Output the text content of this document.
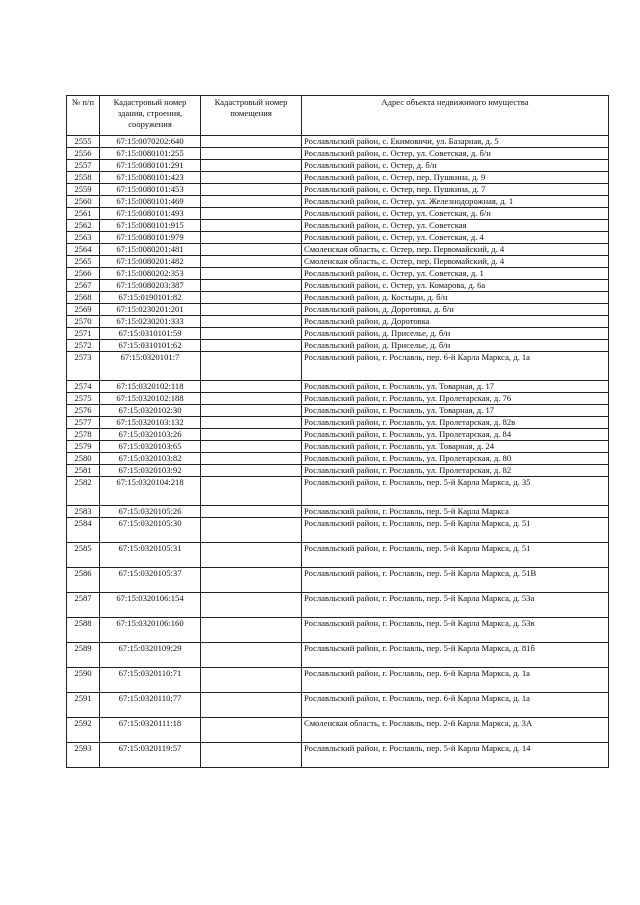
№ п/п	Кадастровый номер здания, строения, сооружения	Кадастровый номер помещения	Адрес объекта недвижимого имущества
2555	67:15:0070202:640		Рославльский район, с. Екимовичи, ул. Базарная, д. 5
2556	67:15:0080101:255		Рославльский район, с. Остер, ул. Советская, д. б/н
2557	67:15:0080101:291		Рославльский район, с. Остер, д. б/н
2558	67:15:0080101:423		Рославльский район, с. Остер, пер. Пушкина, д. 9
2559	67:15:0080101:453		Рославльский район, с. Остер, пер. Пушкина, д. 7
2560	67:15:0080101:469		Рославльский район, с. Остер, ул. Железнодорожная, д. 1
2561	67:15:0080101:493		Рославльский район, с. Остер, ул. Советская, д. б/н
2562	67:15:0080101:915		Рославльский район, с. Остер, ул. Советская
2563	67:15:0080101:979		Рославльский район, с. Остер, ул. Советская, д. 4
2564	67:15:0080201:481		Смоленская область, с. Остер, пер. Первомайский, д. 4
2565	67:15:0080201:482		Смоленская область, с. Остер, пер. Первомайский, д. 4
2566	67:15:0080202:353		Рославльский район, с. Остер, ул. Советская, д. 1
2567	67:15:0080203:387		Рославльский район, с. Остер, ул. Комарова, д. 6а
2568	67:15:0190101:82		Рославльский район, д. Костыри, д. б/н
2569	67:15:0230201:201		Рославльский район, д. Доротовка, д. б/н
2570	67:15:0230201:333		Рославльский район, д. Доротовка
2571	67:15:0310101:59		Рославльский район, д. Приселье, д. б/н
2572	67:15:0310101:62		Рославльский район, д. Приселье, д. б/н
2573	67:15:0320101:7		Рославльский район, г. Рославль, пер. 6-й Карла Маркса, д. 1а
2574	67:15:0320102:118		Рославльский район, г. Рославль, ул. Товарная, д. 17
2575	67:15:0320102:188		Рославльский район, г. Рославль, ул. Пролетарская, д. 76
2576	67:15:0320102:30		Рославльский район, г. Рославль, ул. Товарная, д. 17
2577	67:15:0320103:132		Рославльский район, г. Рославль, ул. Пролетарская, д. 82в
2578	67:15:0320103:26		Рославльский район, г. Рославль, ул. Пролетарская, д. 84
2579	67:15:0320103:65		Рославльский район, г. Рославль, ул. Товарная, д. 24
2580	67:15:0320103:82		Рославльский район, г. Рославль, ул. Пролетарская, д. 80
2581	67:15:0320103:92		Рославльский район, г. Рославль, ул. Пролетарская, д. 82
2582	67:15:0320104:218		Рославльский район, г. Рославль, пер. 5-й Карла Маркса, д. 35
2583	67:15:0320105:26		Рославльский район, г. Рославль, пер. 5-й Карла Маркса
2584	67:15:0320105:30		Рославльский район, г. Рославль, пер. 5-й Карла Маркса, д. 51
2585	67:15:0320105:31		Рославльский район, г. Рославль, пер. 5-й Карла Маркса, д. 51
2586	67:15:0320105:37		Рославльский район, г. Рославль, пер. 5-й Карла Маркса, д. 51В
2587	67:15:0320106:154		Рославльский район, г. Рославль, пер. 5-й Карла Маркса, д. 53а
2588	67:15:0320106:160		Рославльский район, г. Рославль, пер. 5-й Карла Маркса, д. 53в
2589	67:15:0320109:29		Рославльский район, г. Рославль, пер. 5-й Карла Маркса, д. 81б
2590	67:15:0320110:71		Рославльский район, г. Рославль, пер. 6-й Карла Маркса, д. 1а
2591	67:15:0320110:77		Рославльский район, г. Рославль, пер. 6-й Карла Маркса, д. 1а
2592	67:15:0320111:18		Смоленская область, г. Рославль, пер. 2-й Карла Маркса, д. 3А
2593	67:15:0320119:57		Рославльский район, г. Рославль, пер. 5-й Карла Маркса, д. 14
